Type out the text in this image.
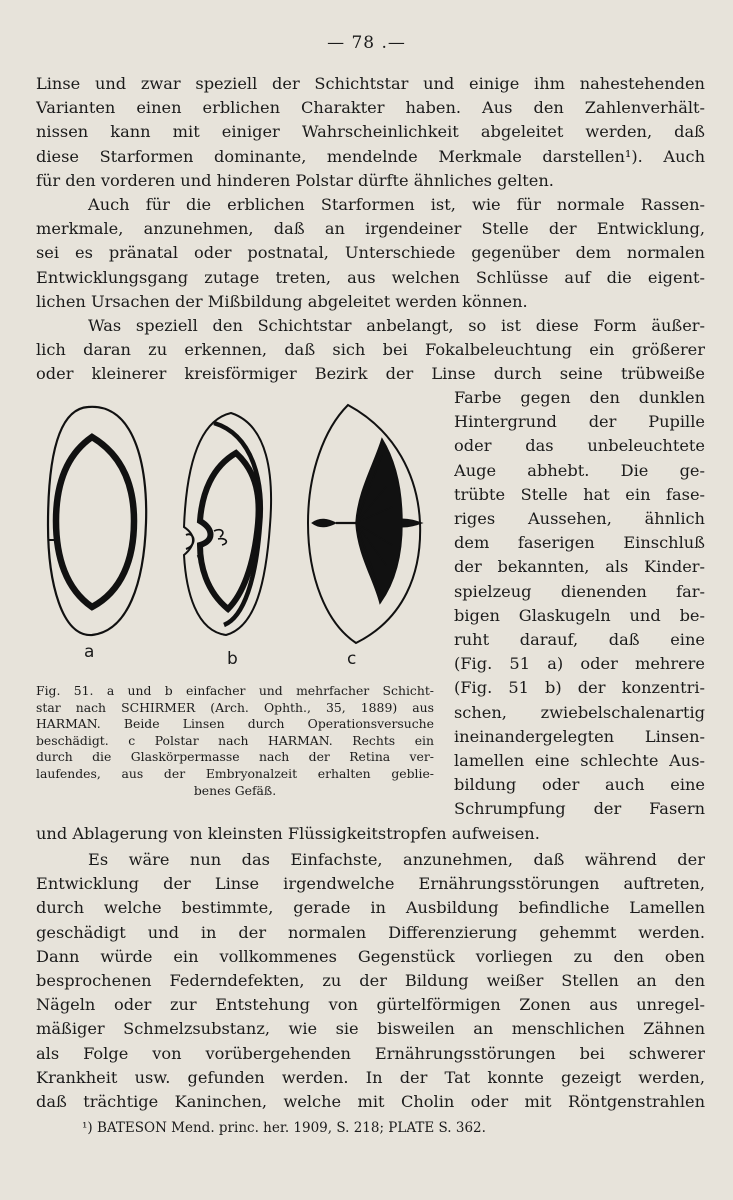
— 78 .—
Linse und zwar speziell der Schichtstar und einige ihm nahestehenden
Varianten einen erblichen Charakter haben. Aus den Zahlenverhält-
nissen kann mit einiger Wahrscheinlichkeit abgeleitet werden, daß
diese Starformen dominante, mendelnde Merkmale darstellen¹). Auch
für den vorderen und hinderen Polstar dürfte ähnliches gelten.
Auch für die erblichen Starformen ist, wie für normale Rassen-
merkmale, anzunehmen, daß an irgendeiner Stelle der Entwicklung,
sei es pränatal oder postnatal, Unterschiede gegenüber dem normalen
Entwicklungsgang zutage treten, aus welchen Schlüsse auf die eigent-
lichen Ursachen der Mißbildung abgeleitet werden können.
Was speziell den Schichtstar anbelangt, so ist diese Form äußer-
lich daran zu erkennen, daß sich bei Fokalbeleuchtung ein größerer
oder kleinerer kreisförmiger Bezirk der Linse durch seine trübweiße
Farbe gegen den dunklen
Hintergrund der Pupille
oder das unbeleuchtete
Auge abhebt. Die ge-
trübte Stelle hat ein fase-
riges Aussehen, ähnlich
dem faserigen Einschluß
der bekannten, als Kinder-
spielzeug dienenden far-
bigen Glaskugeln und be-
ruht darauf, daß eine
(Fig. 51 a) oder mehrere
(Fig. 51 b) der konzentri-
schen, zwiebelschalenartig
ineinandergelegten Linsen-
lamellen eine schlechte Aus-
bildung oder auch eine
Schrumpfung der Fasern
a	b	c
Fig. 51. a und b einfacher und mehrfacher Schicht-
star nach SCHIRMER (Arch. Ophth., 35, 1889) aus
HARMAN. Beide Linsen durch Operationsversuche
beschädigt. c Polstar nach HARMAN. Rechts ein
durch die Glaskörpermasse nach der Retina ver-
laufendes, aus der Embryonalzeit erhalten geblie-
benes Gefäß.
und Ablagerung von kleinsten Flüssigkeitstropfen aufweisen.
Es wäre nun das Einfachste, anzunehmen, daß während der
Entwicklung der Linse irgendwelche Ernährungsstörungen auftreten,
durch welche bestimmte, gerade in Ausbildung befindliche Lamellen
geschädigt und in der normalen Differenzierung gehemmt werden.
Dann würde ein vollkommenes Gegenstück vorliegen zu den oben
besprochenen Federndefekten, zu der Bildung weißer Stellen an den
Nägeln oder zur Entstehung von gürtelförmigen Zonen aus unregel-
mäßiger Schmelzsubstanz, wie sie bisweilen an menschlichen Zähnen
als Folge von vorübergehenden Ernährungsstörungen bei schwerer
Krankheit usw. gefunden werden. In der Tat konnte gezeigt werden,
daß trächtige Kaninchen, welche mit Cholin oder mit Röntgenstrahlen
¹) BATESON Mend. princ. her. 1909, S. 218; PLATE S. 362.
